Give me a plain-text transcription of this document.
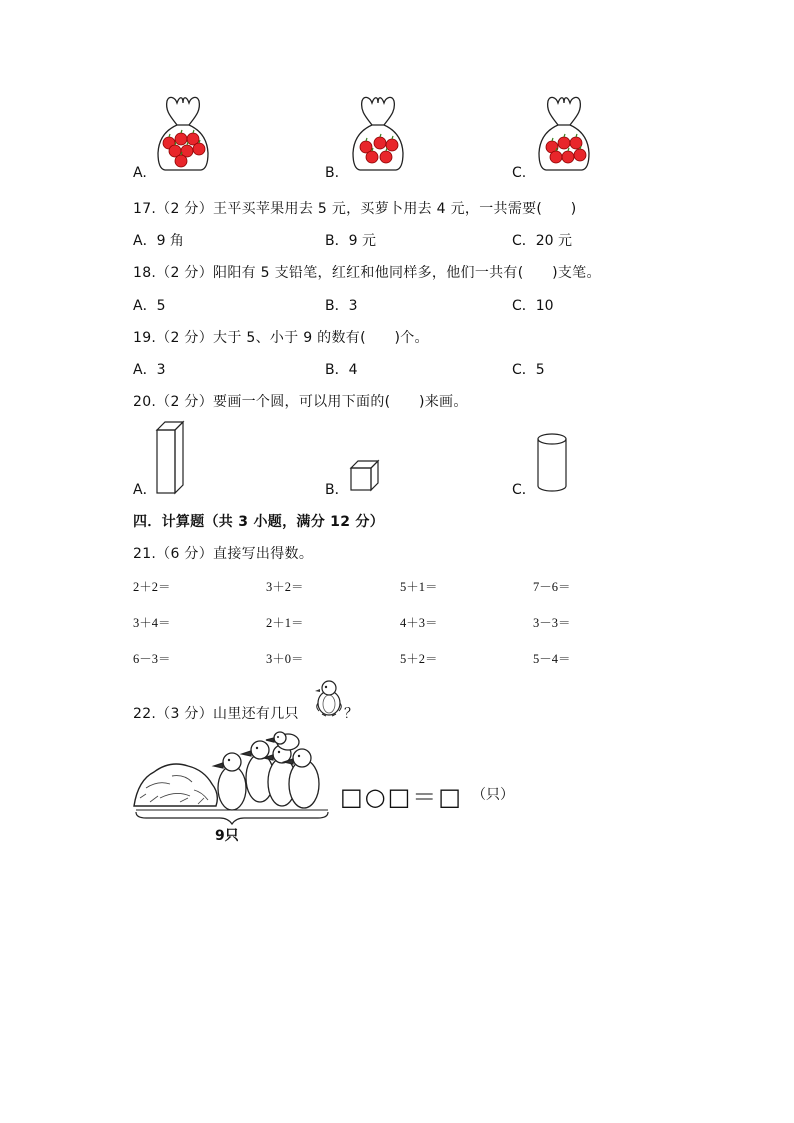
A.	B.	C.
17.（2 分）王平买苹果用去 5 元，买萝卜用去 4 元，一共需要(　　)
A．9 角	B．9 元	C．20 元
18.（2 分）阳阳有 5 支铅笔，红红和他同样多，他们一共有(　　)支笔。
A．5	B．3	C．10
19.（2 分）大于 5、小于 9 的数有(　　)个。
A．3	B．4	C．5
20.（2 分）要画一个圆，可以用下面的(　　)来画。
A．	B．	C．
四．计算题（共 3 小题，满分 12 分）
21.（6 分）直接写出得数。
2＋2＝	3＋2＝	5＋1＝	7－6＝
3＋4＝	2＋1＝	4＋3＝	3－3＝
6－3＝	3＋0＝	5＋2＝	5－4＝
22.（3 分）山里还有几只	？
9只
□○□＝□ （只）
